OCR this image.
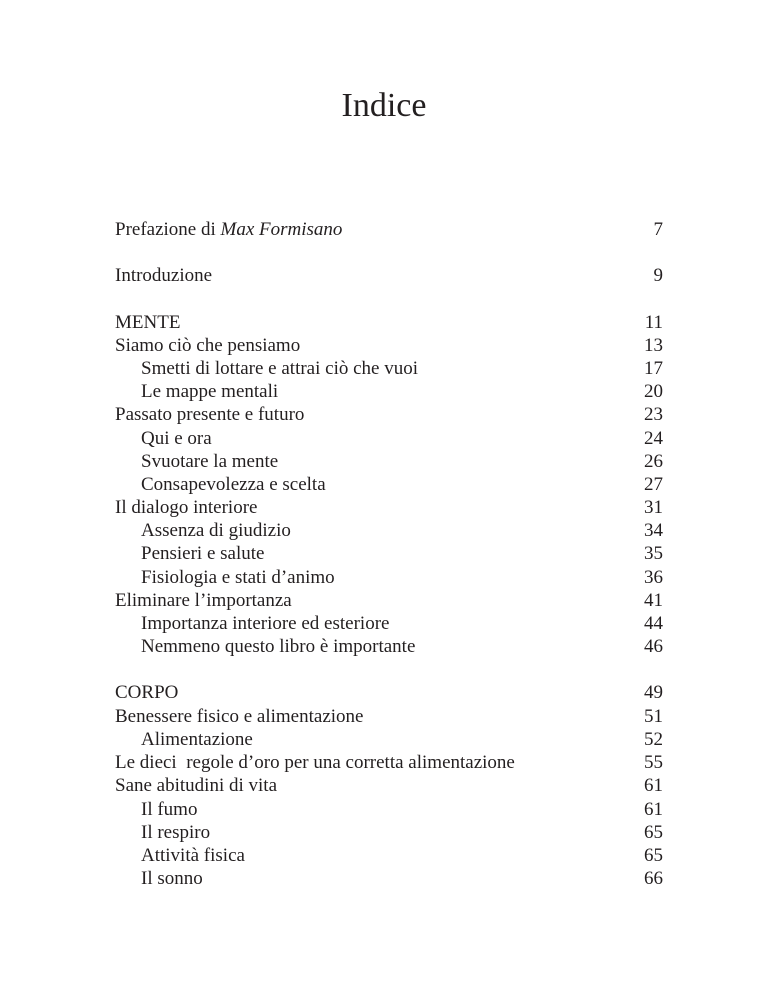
Indice
Prefazione di Max Formisano	7
Introduzione	9
MENTE	11
Siamo ciò che pensiamo	13
Smetti di lottare e attrai ciò che vuoi	17
Le mappe mentali	20
Passato presente e futuro	23
Qui e ora	24
Svuotare la mente	26
Consapevolezza e scelta	27
Il dialogo interiore	31
Assenza di giudizio	34
Pensieri e salute	35
Fisiologia e stati d’animo	36
Eliminare l’importanza	41
Importanza interiore ed esteriore	44
Nemmeno questo libro è importante	46
CORPO	49
Benessere fisico e alimentazione	51
Alimentazione	52
Le dieci  regole d’oro per una corretta alimentazione	55
Sane abitudini di vita	61
Il fumo	61
Il respiro	65
Attività fisica	65
Il sonno	66
